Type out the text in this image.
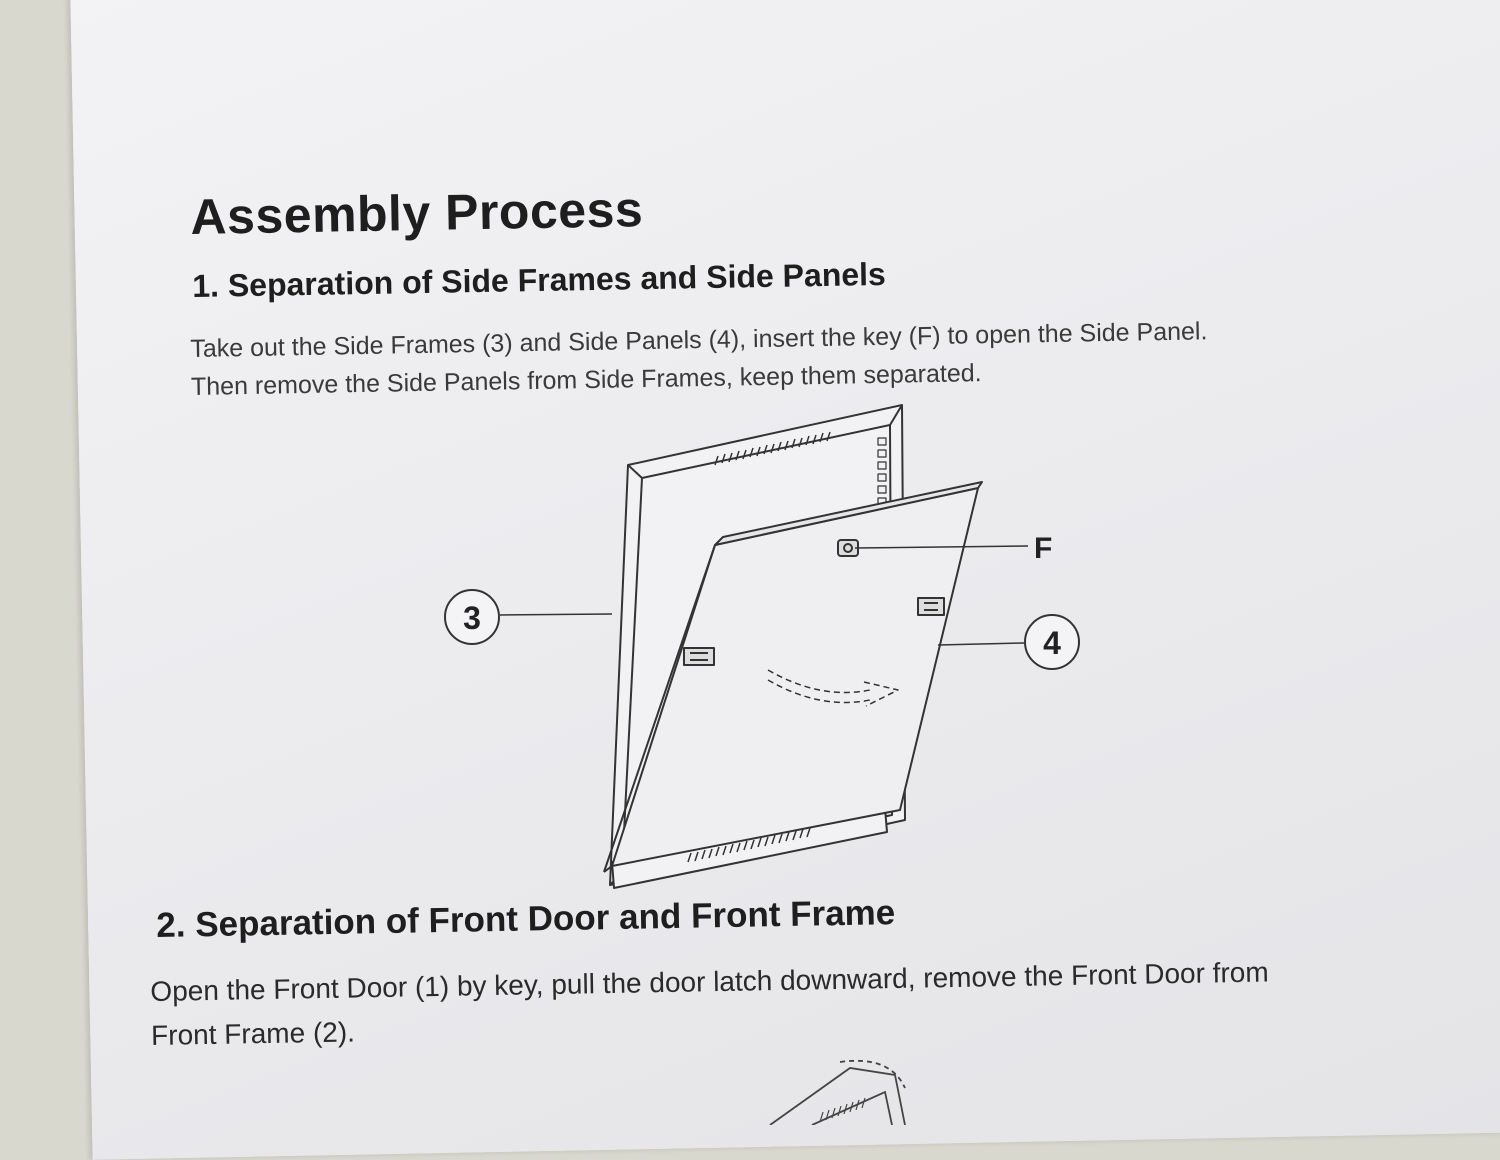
Assembly Process
1. Separation of Side Frames and Side Panels
Take out the Side Frames (3) and Side Panels (4), insert the key (F) to open the Side Panel.
Then remove the Side Panels from Side Frames, keep them separated.
3
4
F
2. Separation of Front Door and Front Frame
Open the Front Door (1) by key, pull the door latch downward, remove the Front Door from
Front Frame (2).
